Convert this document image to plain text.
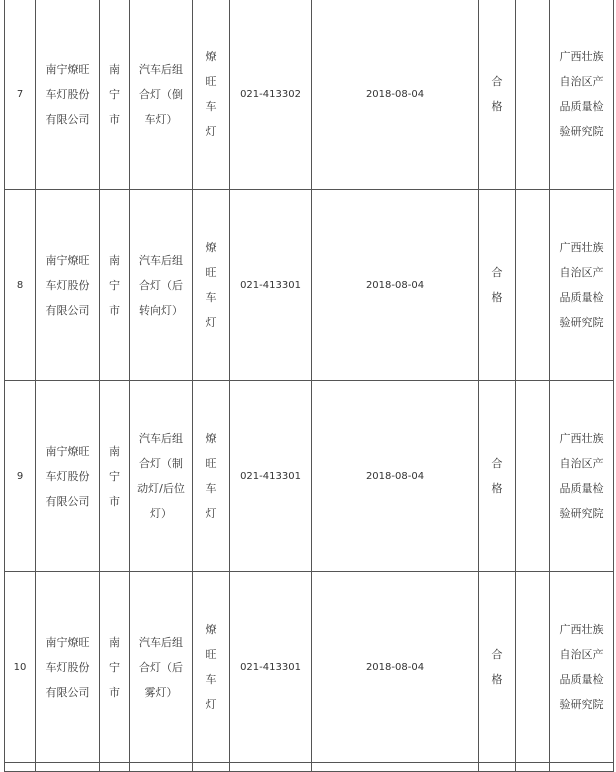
7	南宁燎旺车灯股份有限公司	南宁市	汽车后组合灯（倒车灯）	燎旺车灯	021-413302	2018-08-04	合格		广西壮族自治区产品质量检验研究院
8	南宁燎旺车灯股份有限公司	南宁市	汽车后组合灯（后转向灯）	燎旺车灯	021-413301	2018-08-04	合格		广西壮族自治区产品质量检验研究院
9	南宁燎旺车灯股份有限公司	南宁市	汽车后组合灯（制动灯/后位灯）	燎旺车灯	021-413301	2018-08-04	合格		广西壮族自治区产品质量检验研究院
10	南宁燎旺车灯股份有限公司	南宁市	汽车后组合灯（后雾灯）	燎旺车灯	021-413301	2018-08-04	合格		广西壮族自治区产品质量检验研究院
